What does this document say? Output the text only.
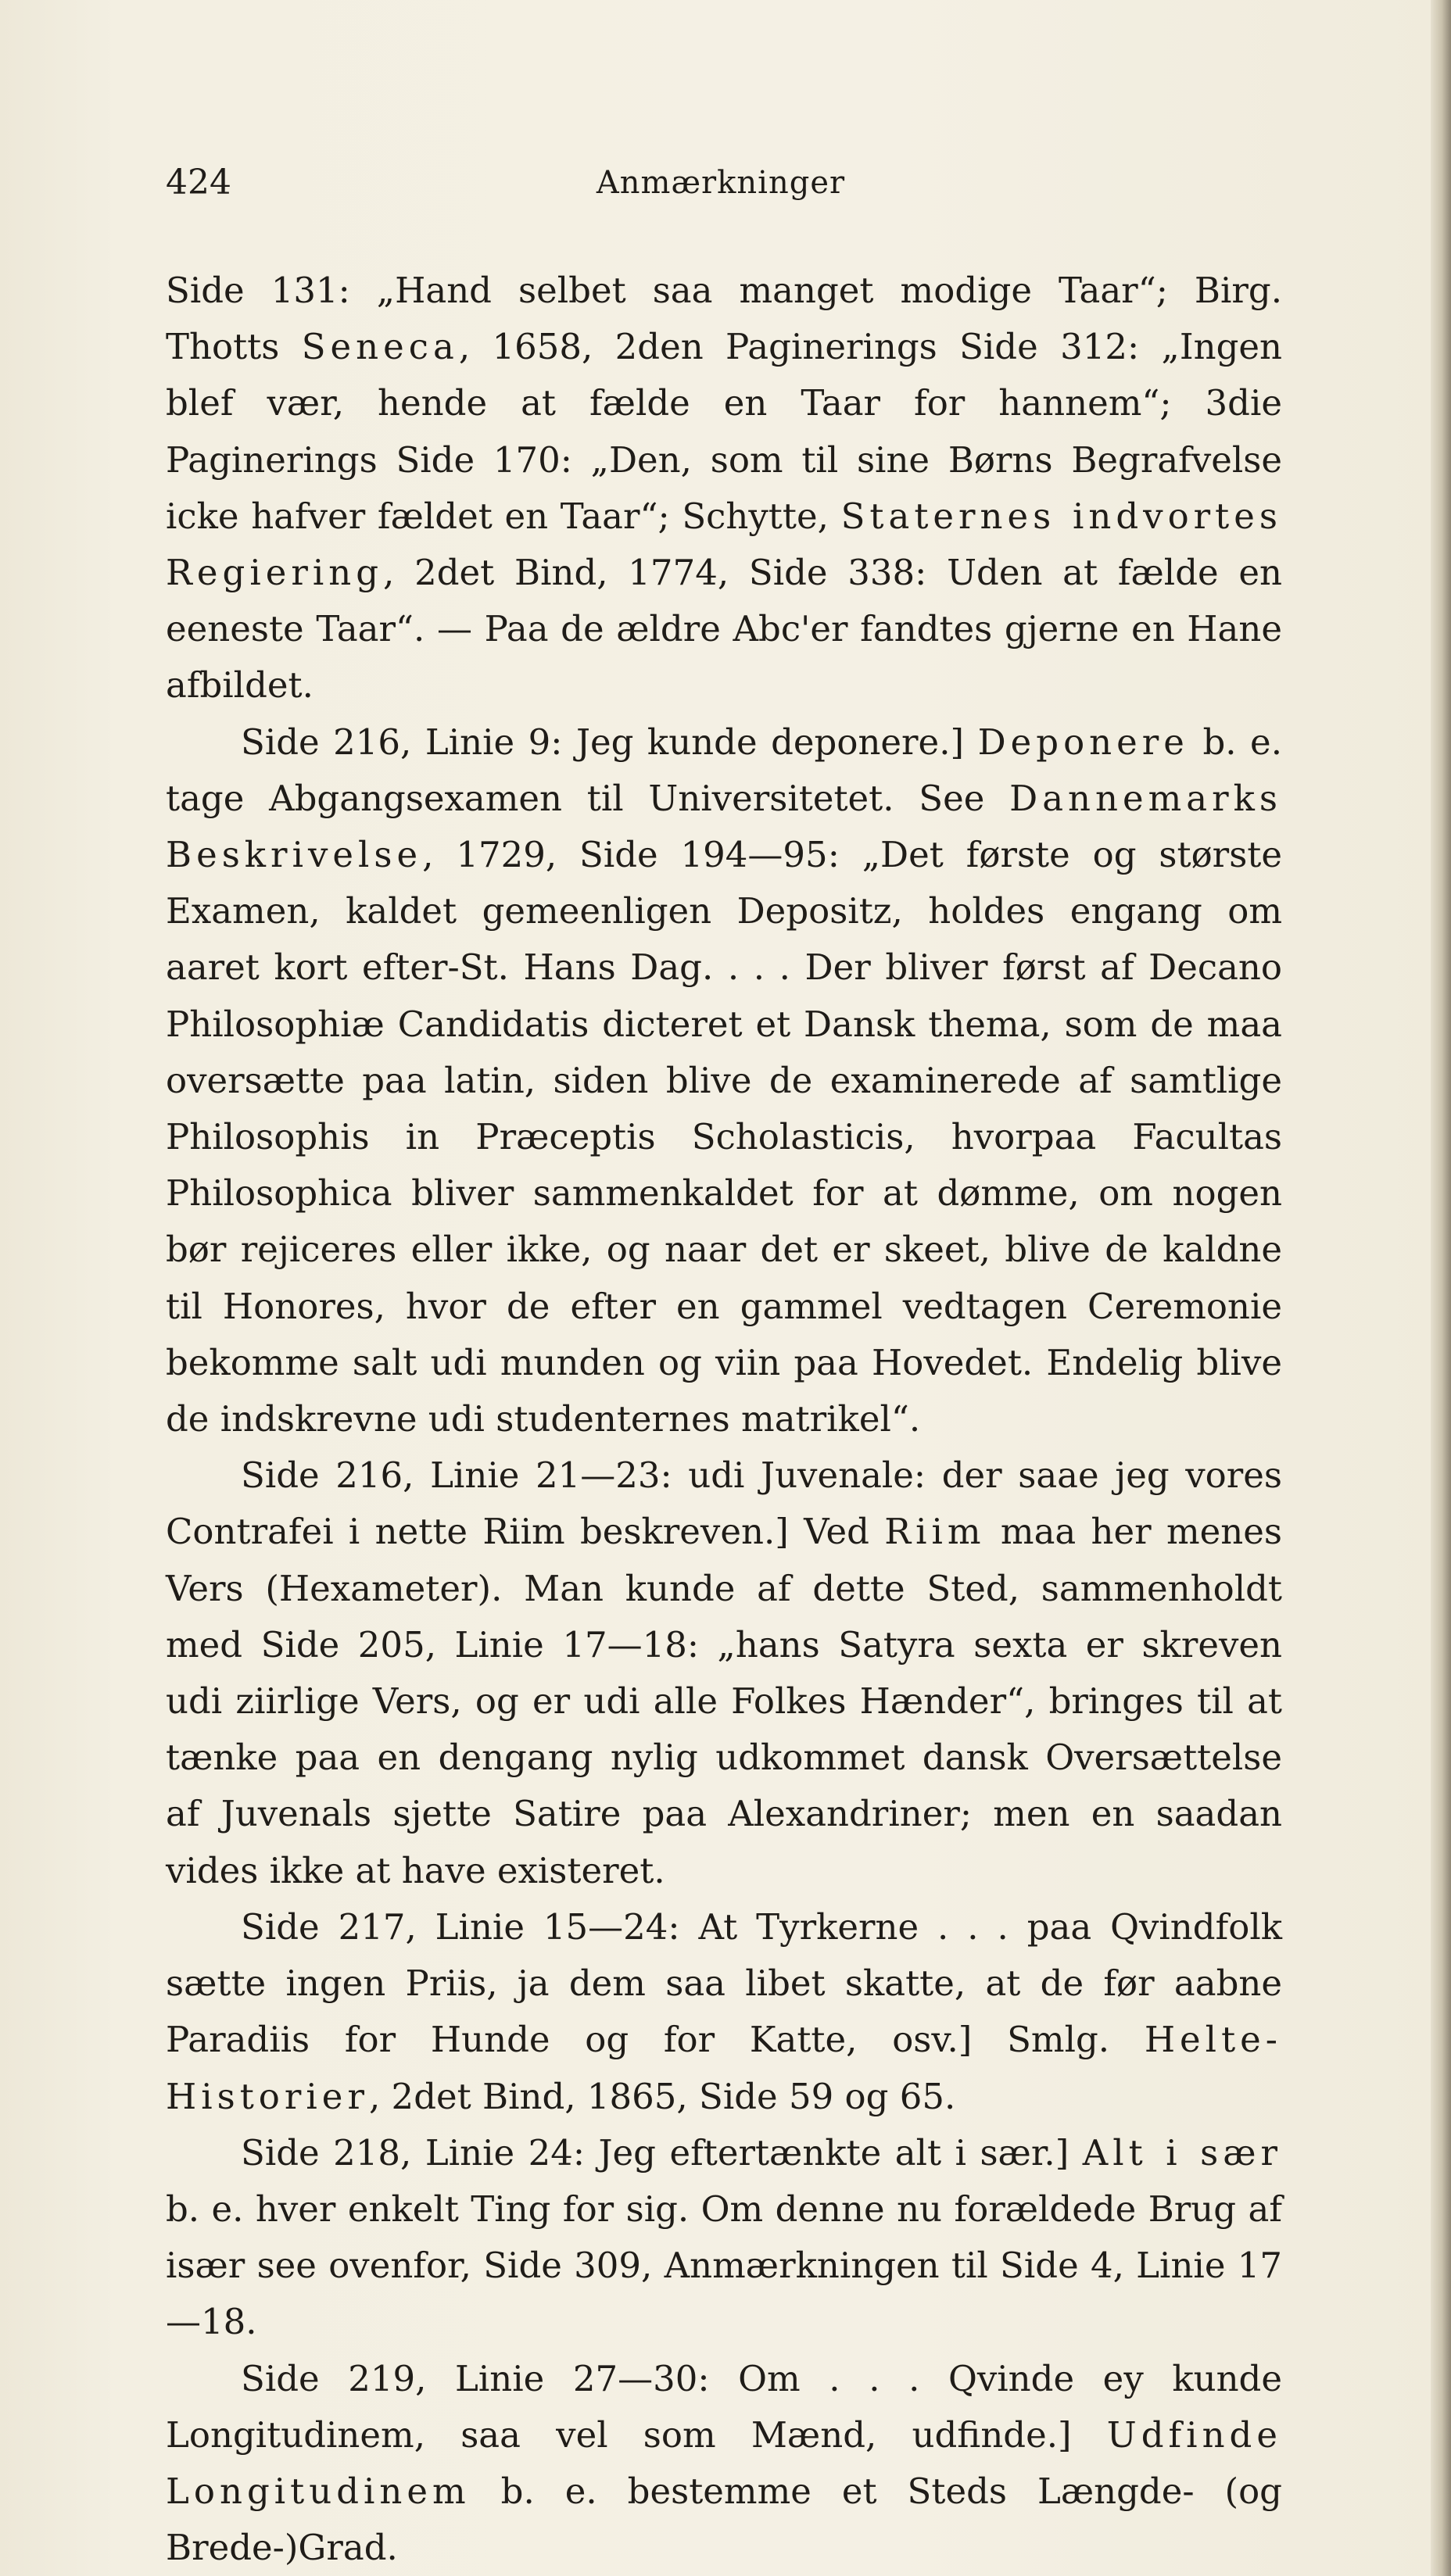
424	Anmærkninger

Side 131: „Hand selbet saa manget modige Taar“; Birg. Thotts Seneca, 1658, 2den Paginerings Side 312: „Ingen blef vær, hende at fælde en Taar for hannem“; 3die Paginerings Side 170: „Den, som til sine Børns Begrafvelse icke hafver fældet en Taar“; Schytte, Staternes indvortes Regiering, 2det Bind, 1774, Side 338: Uden at fælde en eeneste Taar“. — Paa de ældre Abc'er fandtes gjerne en Hane afbildet.

Side 216, Linie 9: Jeg kunde deponere.] Deponere b. e. tage Abgangsexamen til Universitetet. See Dannemarks Beskrivelse, 1729, Side 194—95: „Det første og største Examen, kaldet gemeenligen Depositz, holdes engang om aaret kort efter-St. Hans Dag. . . . Der bliver først af Decano Philosophiæ Candidatis dicteret et Dansk thema, som de maa oversætte paa latin, siden blive de examinerede af samtlige Philosophis in Præceptis Scholasticis, hvorpaa Facultas Philosophica bliver sammenkaldet for at dømme, om nogen bør rejiceres eller ikke, og naar det er skeet, blive de kaldne til Honores, hvor de efter en gammel vedtagen Ceremonie bekomme salt udi munden og viin paa Hovedet. Endelig blive de indskrevne udi studenternes matrikel“.

Side 216, Linie 21—23: udi Juvenale: der saae jeg vores Contrafei i nette Riim beskreven.] Ved Riim maa her menes Vers (Hexameter). Man kunde af dette Sted, sammenholdt med Side 205, Linie 17—18: „hans Satyra sexta er skreven udi ziirlige Vers, og er udi alle Folkes Hænder“, bringes til at tænke paa en dengang nylig udkommet dansk Oversættelse af Juvenals sjette Satire paa Alexandriner; men en saadan vides ikke at have existeret.

Side 217, Linie 15—24: At Tyrkerne . . . paa Qvindfolk sætte ingen Priis, ja dem saa libet skatte, at de før aabne Paradiis for Hunde og for Katte, osv.] Smlg. Helte-Historier, 2det Bind, 1865, Side 59 og 65.

Side 218, Linie 24: Jeg eftertænkte alt i sær.] Alt i sær b. e. hver enkelt Ting for sig. Om denne nu forældede Brug af især see ovenfor, Side 309, Anmærkningen til Side 4, Linie 17—18.

Side 219, Linie 27—30: Om . . . Qvinde ey kunde Longitudinem, saa vel som Mænd, udfinde.] Udfinde Longitudinem b. e. bestemme et Steds Længde- (og Brede-)Grad.
